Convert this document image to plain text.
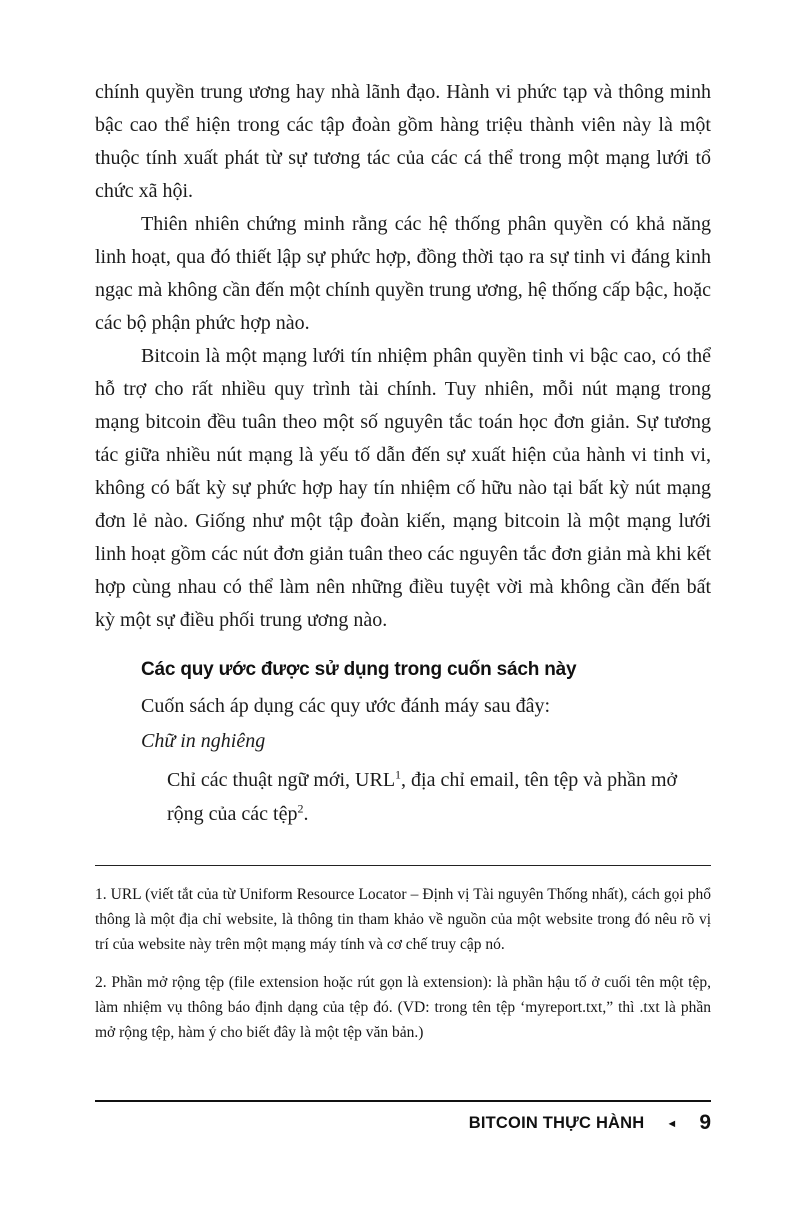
chính quyền trung ương hay nhà lãnh đạo. Hành vi phức tạp và thông minh bậc cao thể hiện trong các tập đoàn gồm hàng triệu thành viên này là một thuộc tính xuất phát từ sự tương tác của các cá thể trong một mạng lưới tổ chức xã hội.

Thiên nhiên chứng minh rằng các hệ thống phân quyền có khả năng linh hoạt, qua đó thiết lập sự phức hợp, đồng thời tạo ra sự tinh vi đáng kinh ngạc mà không cần đến một chính quyền trung ương, hệ thống cấp bậc, hoặc các bộ phận phức hợp nào.

Bitcoin là một mạng lưới tín nhiệm phân quyền tinh vi bậc cao, có thể hỗ trợ cho rất nhiều quy trình tài chính. Tuy nhiên, mỗi nút mạng trong mạng bitcoin đều tuân theo một số nguyên tắc toán học đơn giản. Sự tương tác giữa nhiều nút mạng là yếu tố dẫn đến sự xuất hiện của hành vi tinh vi, không có bất kỳ sự phức hợp hay tín nhiệm cố hữu nào tại bất kỳ nút mạng đơn lẻ nào. Giống như một tập đoàn kiến, mạng bitcoin là một mạng lưới linh hoạt gồm các nút đơn giản tuân theo các nguyên tắc đơn giản mà khi kết hợp cùng nhau có thể làm nên những điều tuyệt vời mà không cần đến bất kỳ một sự điều phối trung ương nào.

Các quy ước được sử dụng trong cuốn sách này

Cuốn sách áp dụng các quy ước đánh máy sau đây:

Chữ in nghiêng

Chỉ các thuật ngữ mới, URL$^1$, địa chỉ email, tên tệp và phần mở rộng của các tệp$^2$.

1. URL (viết tắt của từ Uniform Resource Locator – Định vị Tài nguyên Thống nhất), cách gọi phổ thông là một địa chỉ website, là thông tin tham khảo về nguồn của một website trong đó nêu rõ vị trí của website này trên một mạng máy tính và cơ chế truy cập nó.

2. Phần mở rộng tệp (file extension hoặc rút gọn là extension): là phần hậu tố ở cuối tên một tệp, làm nhiệm vụ thông báo định dạng của tệp đó. (VD: trong tên tệp ‘myreport.txt,” thì .txt là phần mở rộng tệp, hàm ý cho biết đây là một tệp văn bản.)

BITCOIN THỰC HÀNH ◄ 9
